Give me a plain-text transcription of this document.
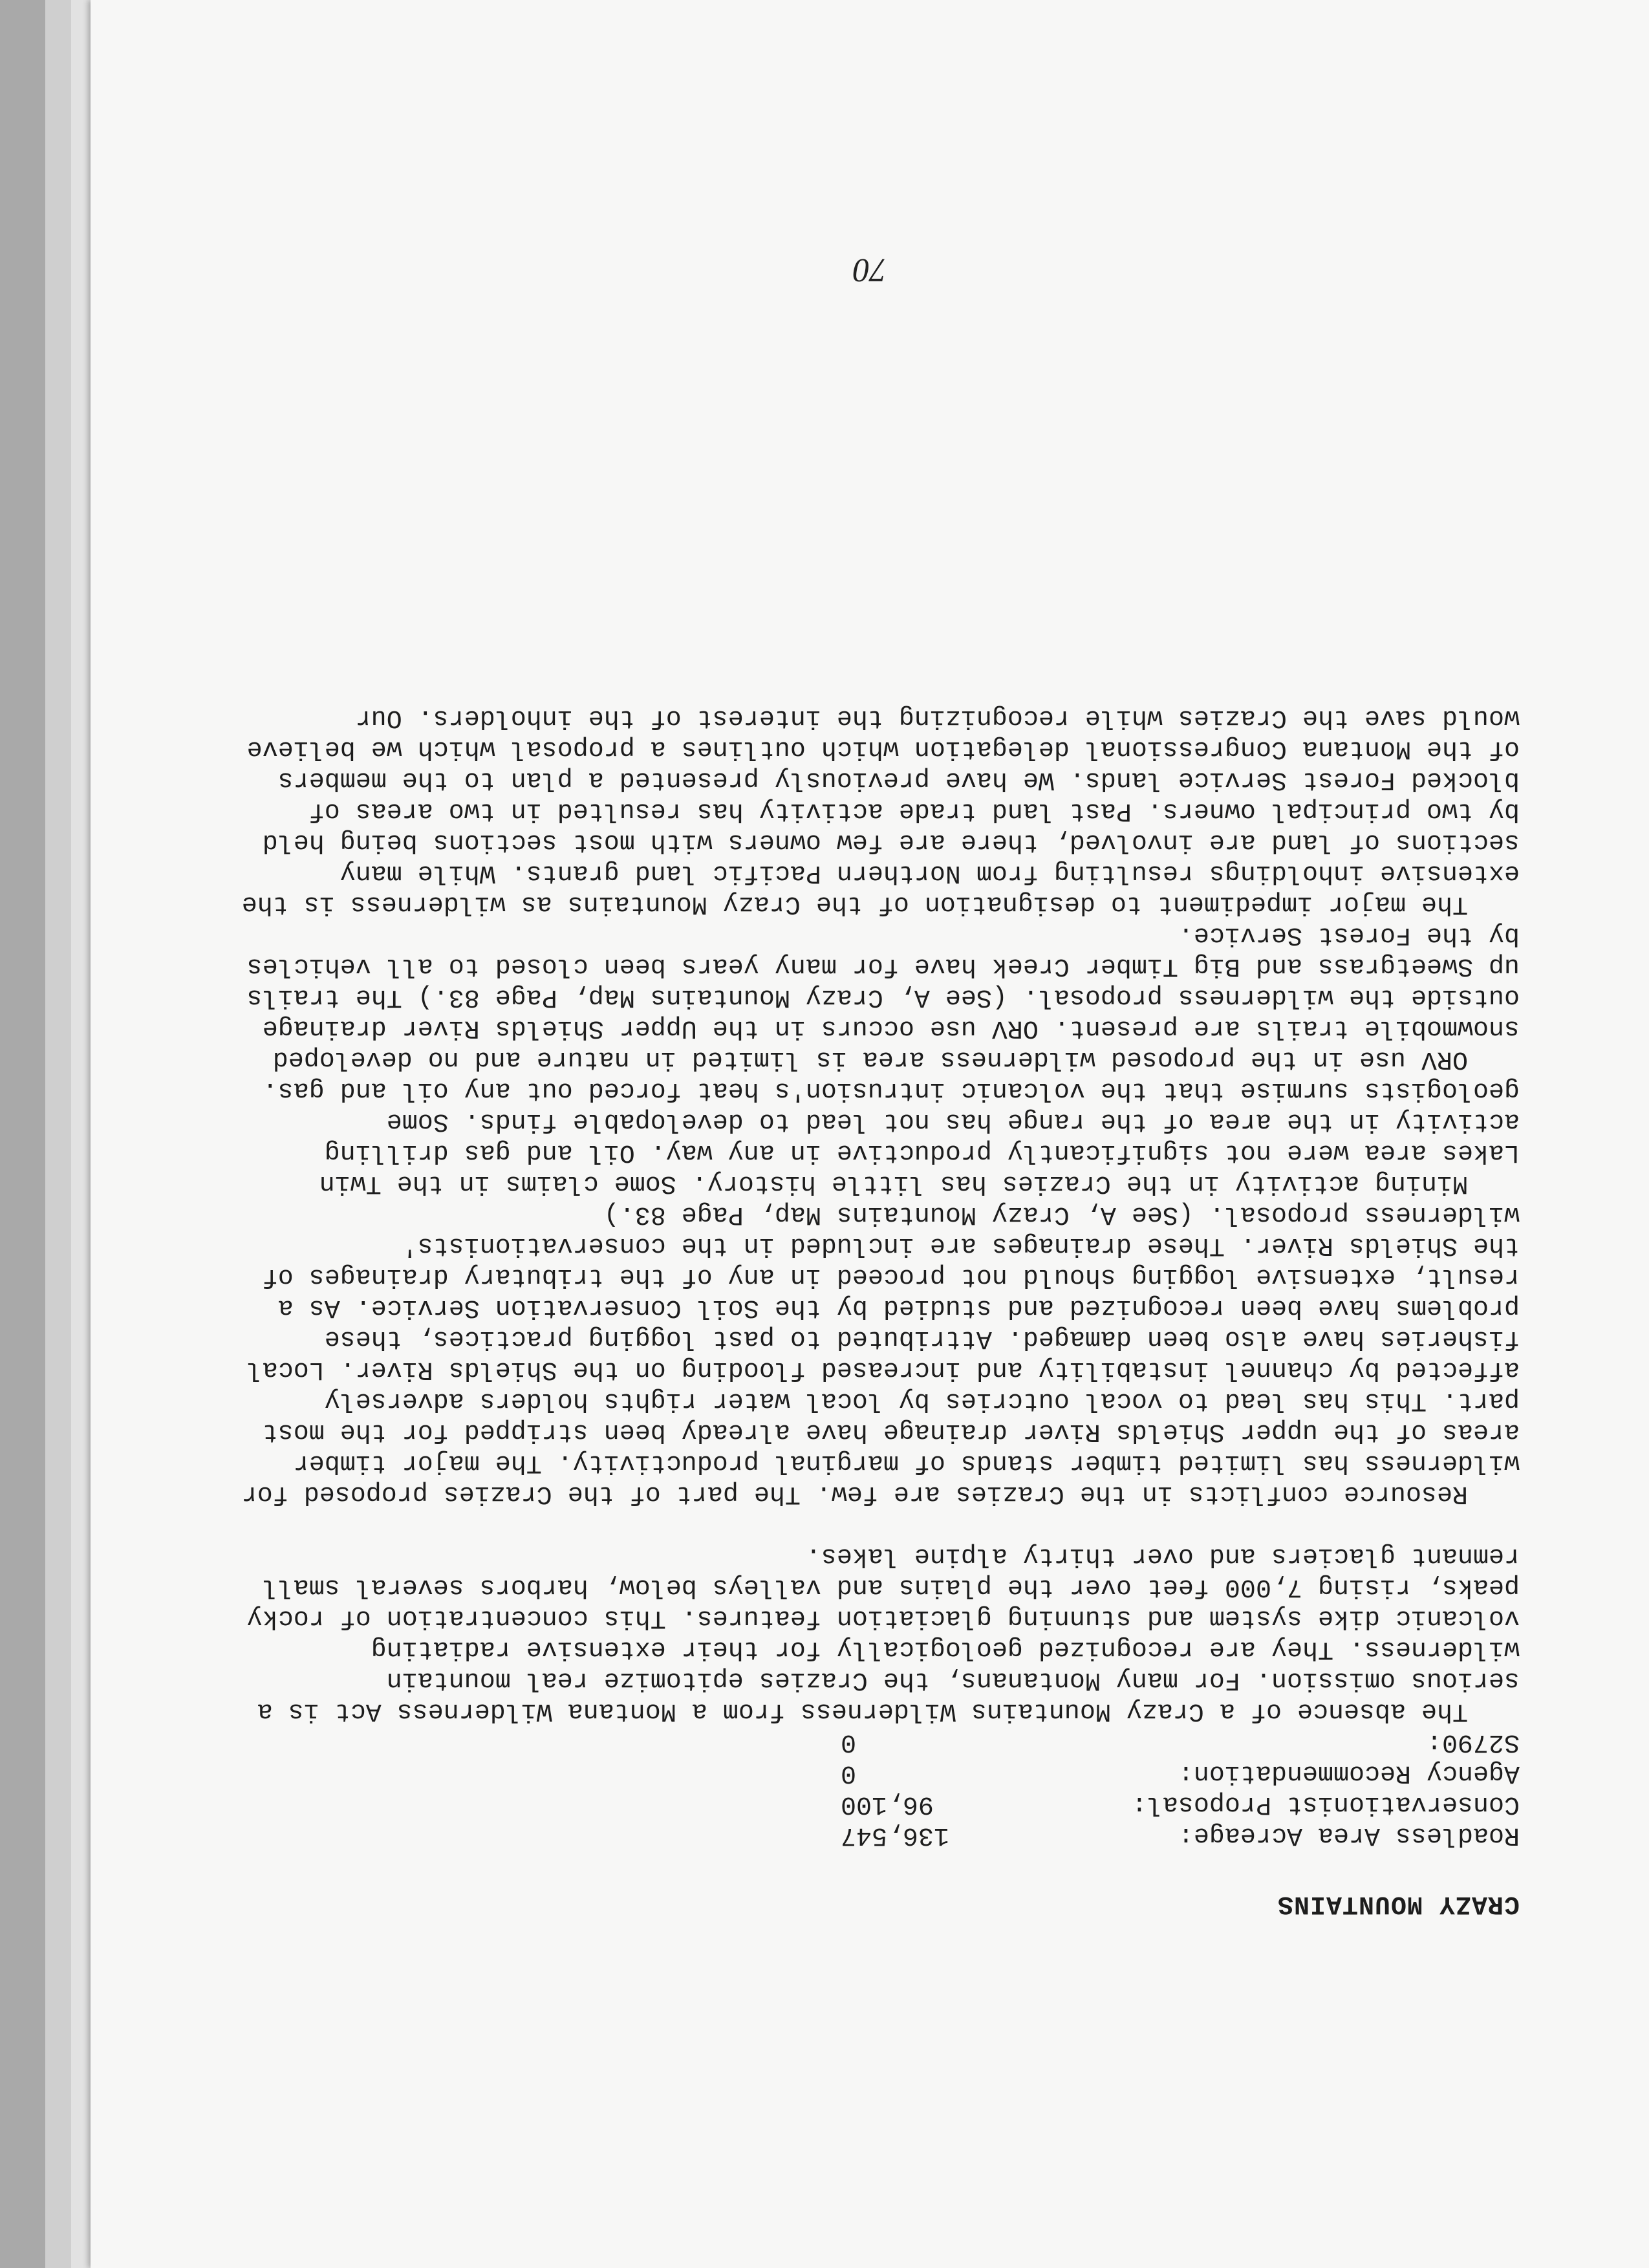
CRAZY MOUNTAINS
Roadless Area Acreage:
136,547
Conservationist Proposal:
96,100
Agency Recommendation:
0
S2790:
0

The absence of a Crazy Mountains Wilderness from a Montana Wilderness Act is a serious omission. For many Montanans, the Crazies epitomize real mountain wilderness. They are recognized geologically for their extensive radiating volcanic dike system and stunning glaciation features. This concentration of rocky peaks, rising 7,000 feet over the plains and valleys below, harbors several small remnant glaciers and over thirty alpine lakes.

Resource conflicts in the Crazies are few. The part of the Crazies proposed for wilderness has limited timber stands of marginal productivity. The major timber areas of the upper Shields River drainage have already been stripped for the most part. This has lead to vocal outcries by local water rights holders adversely affected by channel instability and increased flooding on the Shields River. Local fisheries have also been damaged. Attributed to past logging practices, these problems have been recognized and studied by the Soil Conservation Service. As a result, extensive logging should not proceed in any of the tributary drainages of the Shields River. These drainages are included in the conservationists' wilderness proposal. (See A, Crazy Mountains Map, Page 83.)

Mining activity in the Crazies has little history. Some claims in the Twin Lakes area were not significantly productive in any way. Oil and gas drilling activity in the area of the range has not lead to developable finds. Some geologists surmise that the volcanic intrusion's heat forced out any oil and gas.

ORV use in the proposed wilderness area is limited in nature and no developed snowmobile trails are present. ORV use occurs in the Upper Shields River drainage outside the wilderness proposal. (See A, Crazy Mountains Map, Page 83.) The trails up Sweetgrass and Big Timber Creek have for many years been closed to all vehicles by the Forest Service.

The major impediment to designation of the Crazy Mountains as wilderness is the extensive inholdings resulting from Northern Pacific land grants. While many sections of land are involved, there are few owners with most sections being held by two principal owners. Past land trade activity has resulted in two areas of blocked Forest Service lands. We have previously presented a plan to the members of the Montana Congressional delegation which outlines a proposal which we believe would save the Crazies while recognizing the interest of the inholders. Our

70
